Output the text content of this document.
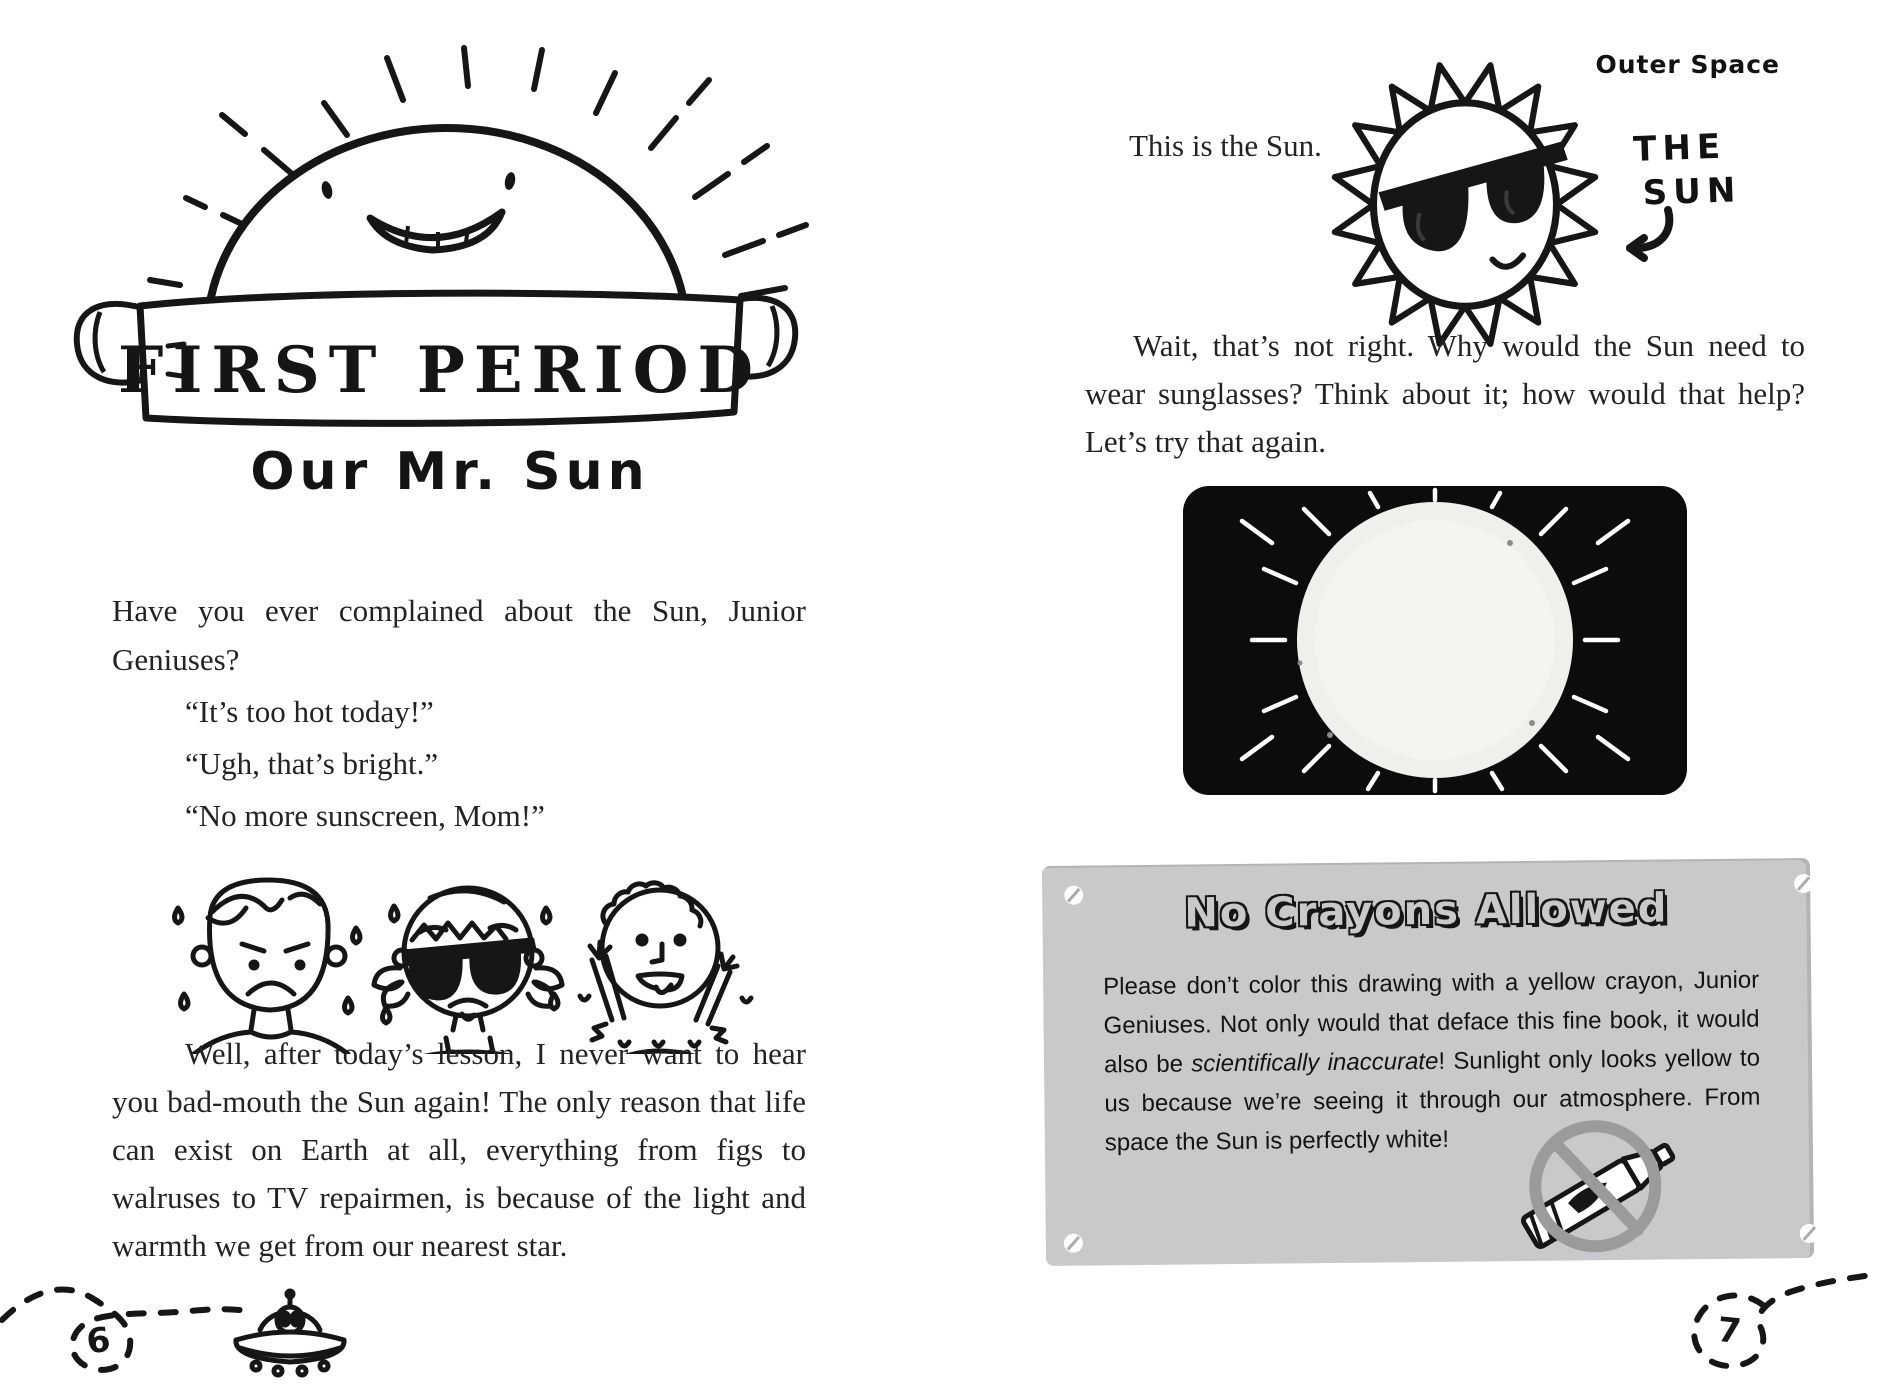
FIRST PERIOD
Our Mr. Sun
Have you ever complained about the Sun, Junior Geniuses?
“It’s too hot today!”
“Ugh, that’s bright.”
“No more sunscreen, Mom!”
Well, after today’s lesson, I never want to hear you bad-mouth the Sun again! The only reason that life can exist on Earth at all, everything from figs to walruses to TV repairmen, is because of the light and warmth we get from our nearest star.
6
Outer Space
This is the Sun.	THE
SUN
Wait, that’s not right. Why would the Sun need to wear sunglasses? Think about it; how would that help? Let’s try that again.
No Crayons Allowed
Please don’t color this drawing with a yellow crayon, Junior Geniuses. Not only would that deface this fine book, it would also be scientifically inaccurate! Sunlight only looks yellow to us because we’re seeing it through our atmosphere. From space the Sun is perfectly white!
7
